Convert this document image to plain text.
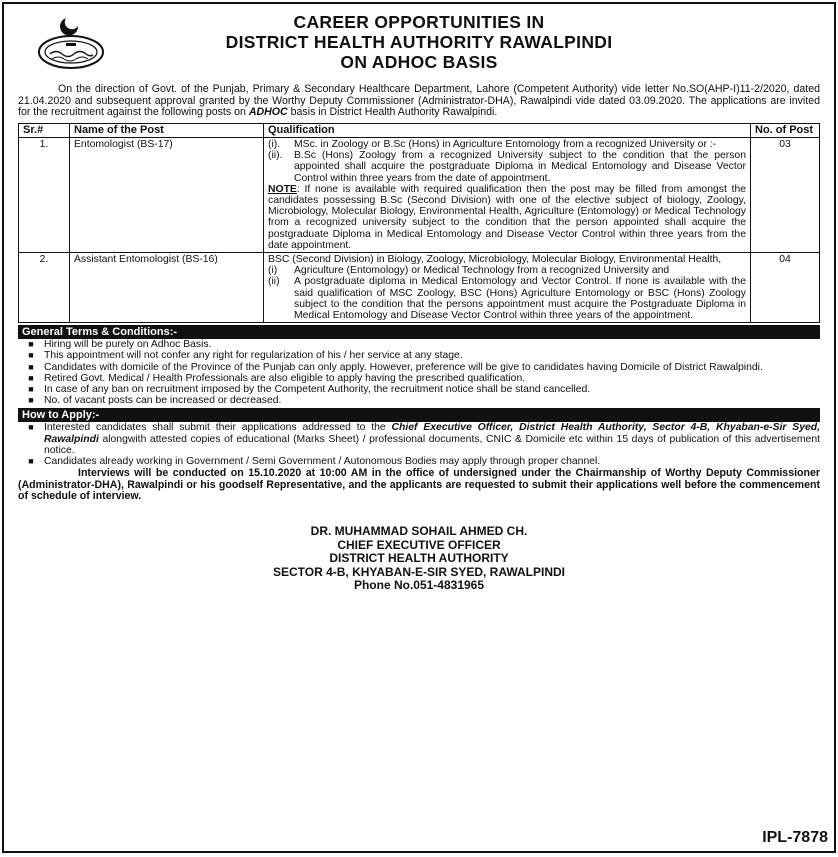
CAREER OPPORTUNITIES IN
DISTRICT HEALTH AUTHORITY RAWALPINDI
ON ADHOC BASIS
On the direction of Govt. of the Punjab, Primary & Secondary Healthcare Department, Lahore (Competent Authority) vide letter No.SO(AHP-I)11-2/2020, dated 21.04.2020 and subsequent approval granted by the Worthy Deputy Commissioner (Administrator-DHA), Rawalpindi vide dated 03.09.2020. The applications are invited for the recruitment against the following posts on ADHOC basis in District Health Authority Rawalpindi.
Sr.#	Name of the Post	Qualification	No. of Post
1.	Entomologist (BS-17)	(i). MSc. in Zoology or B.Sc (Hons) in Agriculture Entomology from a recognized University or :-
(ii). B.Sc (Hons) Zoology from a recognized University subject to the condition that the person appointed shall acquire the postgraduate Diploma in Medical Entomology and Disease Vector Control within three years from the date of appointment.
NOTE: If none is available with required qualification then the post may be filled from amongst the candidates possessing B.Sc (Second Division) with one of the elective subject of biology, Zoology, Microbiology, Molecular Biology, Environmental Health, Agriculture (Entomology) or Medical Technology from a recognized university subject to the condition that the person appointed shall acquire the postgraduate Diploma in Medical Entomology and Disease Vector Control within three years from the date appointment.	03
2.	Assistant Entomologist (BS-16)	BSC (Second Division) in Biology, Zoology, Microbiology, Molecular Biology, Environmental Health,
(i) Agriculture (Entomology) or Medical Technology from a recognized University and
(ii) A postgraduate diploma in Medical Entomology and Vector Control. If none is available with the said qualification of MSC Zoology, BSC (Hons) Agriculture Entomology or BSC (Hons) Zoology subject to the condition that the persons appointment must acquire the Postgraduate Diploma in Medical Entomology and Disease Vector Control within three years of the appointment.	04
General Terms & Conditions:-
■ Hiring will be purely on Adhoc Basis.
■ This appointment will not confer any right for regularization of his / her service at any stage.
■ Candidates with domicile of the Province of the Punjab can only apply. However, preference will be give to candidates having Domicile of District Rawalpindi.
■ Retired Govt. Medical / Health Professionals are also eligible to apply having the prescribed qualification.
■ In case of any ban on recruitment imposed by the Competent Authority, the recruitment notice shall be stand cancelled.
■ No. of vacant posts can be increased or decreased.
How to Apply:-
■ Interested candidates shall submit their applications addressed to the Chief Executive Officer, District Health Authority, Sector 4-B, Khyaban-e-Sir Syed, Rawalpindi alongwith attested copies of educational (Marks Sheet) / professional documents, CNIC & Domicile etc within 15 days of publication of this advertisement notice.
■ Candidates already working in Government / Semi Government / Autonomous Bodies may apply through proper channel.
Interviews will be conducted on 15.10.2020 at 10:00 AM in the office of undersigned under the Chairmanship of Worthy Deputy Commissioner (Administrator-DHA), Rawalpindi or his goodself Representative, and the applicants are requested to submit their applications well before the commencement of schedule of interview.
DR. MUHAMMAD SOHAIL AHMED CH.
CHIEF EXECUTIVE OFFICER
DISTRICT HEALTH AUTHORITY
SECTOR 4-B, KHYABAN-E-SIR SYED, RAWALPINDI
Phone No.051-4831965
IPL-7878
